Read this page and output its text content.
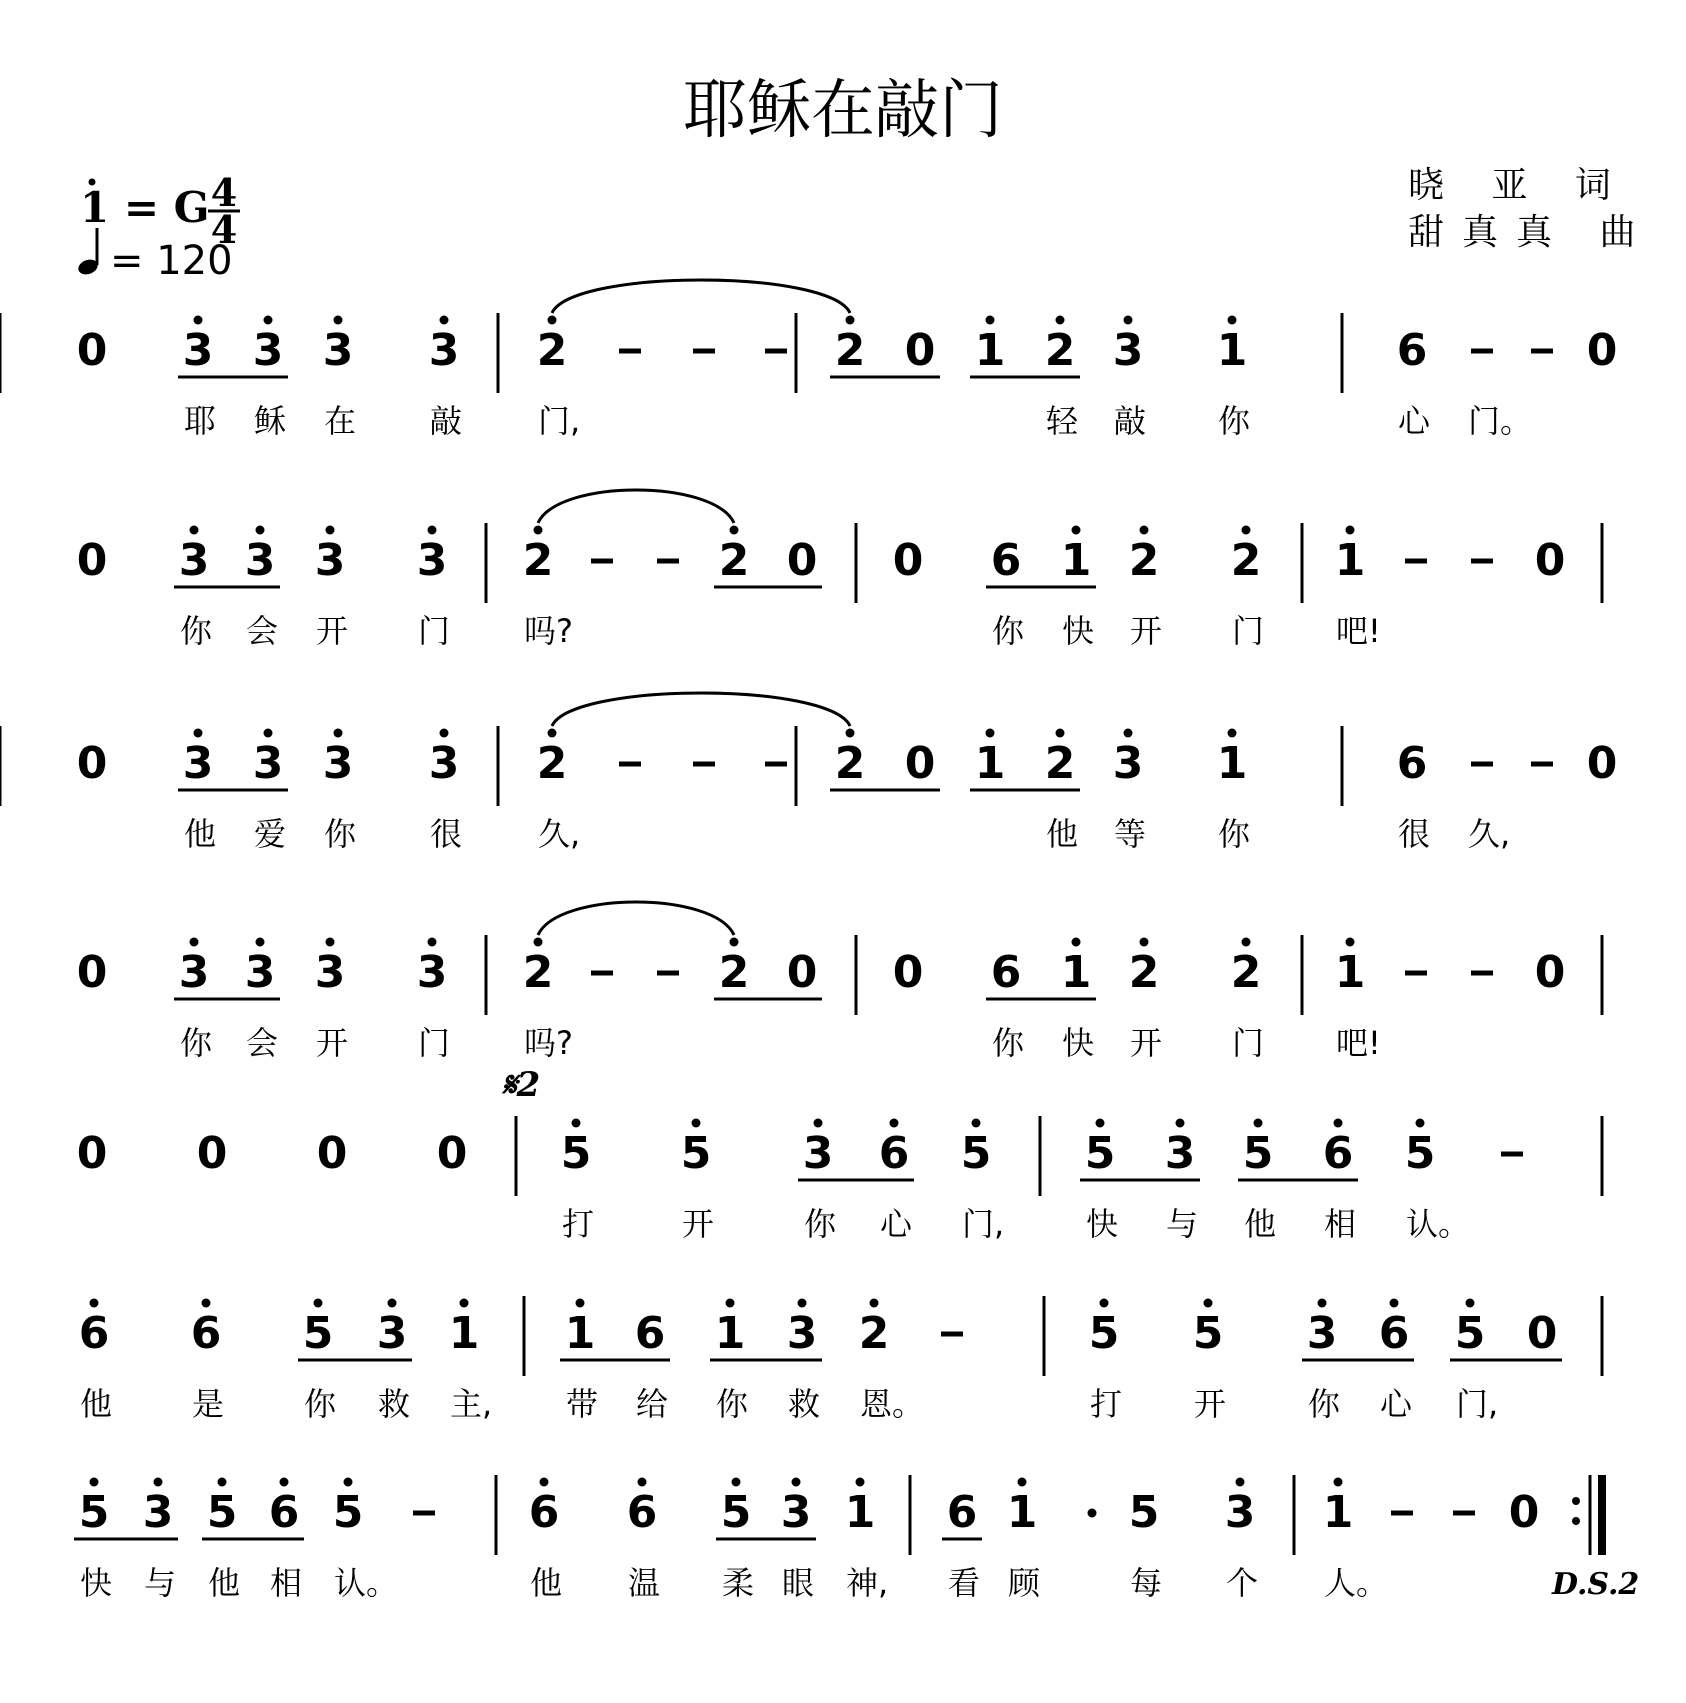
耶稣在敲门
晓 亚 词
甜真真 曲
1 = G 4
4
= 120
0 3 3 3 3 2	2 0 1 2 3 1	6	0
耶 稣 在 敲 门,	轻 敲 你	心 门。
0 3 3 3 3 2	2 0 0 6 1 2 2 1	0
你 会 开 门 吗?	你 快 开 门 吧!
0 3 3 3 3 2	2 0 1 2 3 1	6	0
他 爱 你 很 久,	他 等 你	很 久,
0 3 3 3 3 2	2 0 0 6 1 2 2 1	0
你 会 开 门 吗?	你 快 开 门 吧!
0 0 0 0
𝄋2
5 5 3 6 5 5 3 5 6 5
打	开	你 心 门,	快 与 他 相 认。
6 6 5 3 1 1 6 1 3 2	5 5 3 6 5 0
他 是 你 救 主, 带 给 你 救 恩。	打 开	你 心 门,
5 3 5 6 5	6 6 5 3 1 6 1 5 3 1	0
快 与 他 相 认。	他 温 柔 眼 神, 看 顾	每 个 人。	D.S.2
